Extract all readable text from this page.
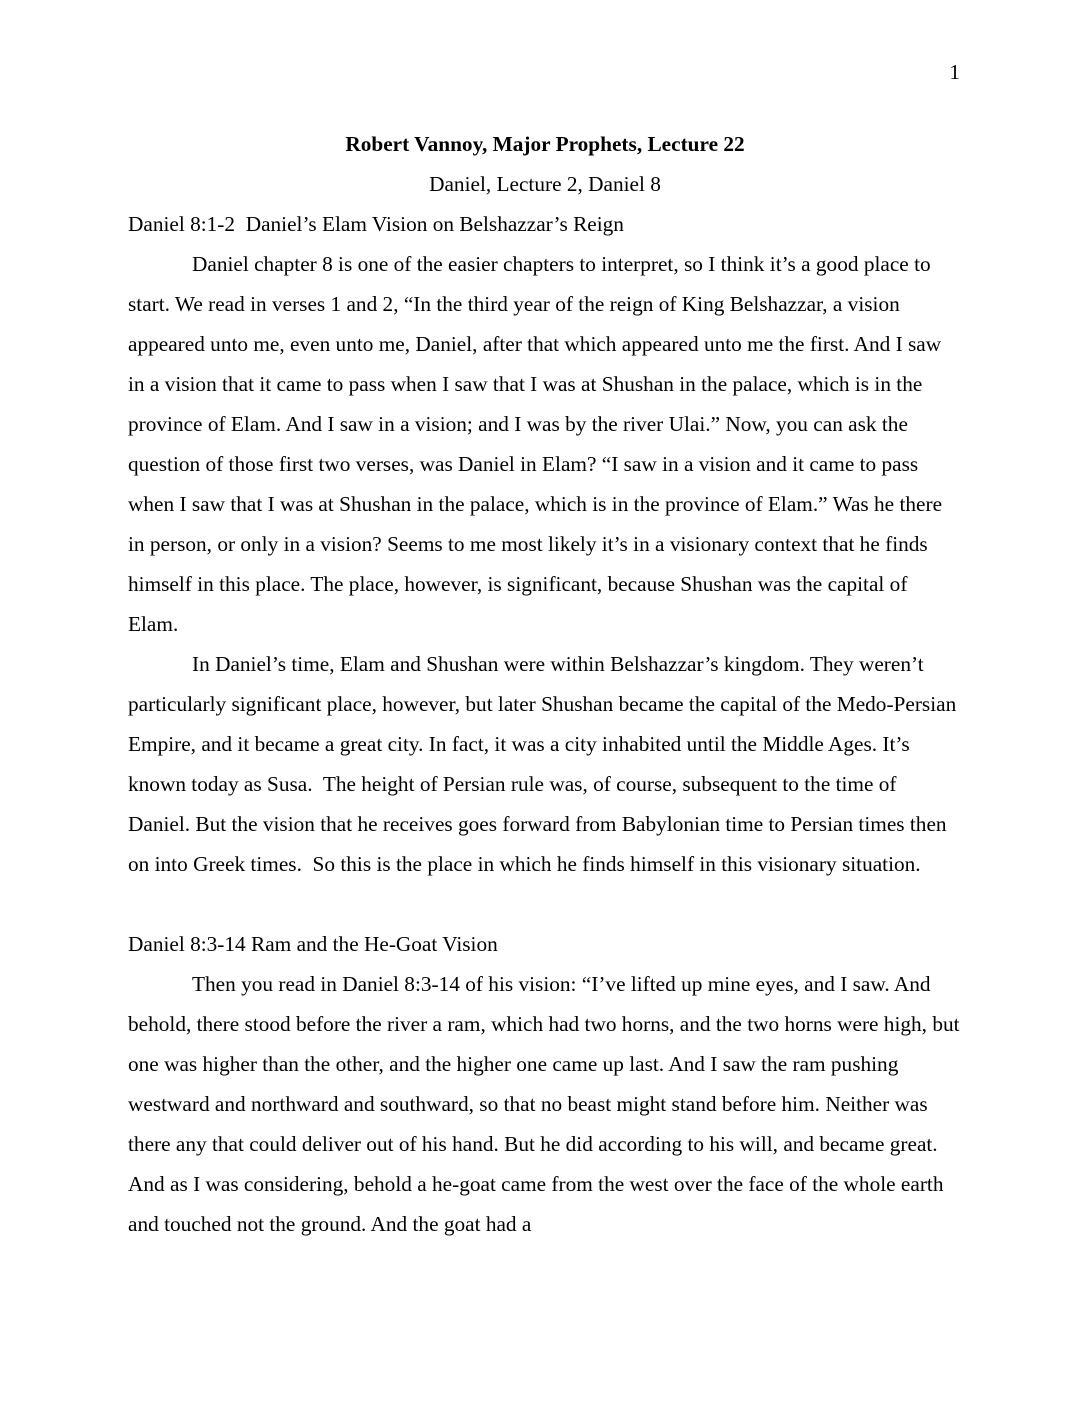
1
Robert Vannoy, Major Prophets, Lecture 22
Daniel, Lecture 2, Daniel 8
Daniel 8:1-2  Daniel’s Elam Vision on Belshazzar’s Reign

Daniel chapter 8 is one of the easier chapters to interpret, so I think it’s a good place to start. We read in verses 1 and 2, “In the third year of the reign of King Belshazzar, a vision appeared unto me, even unto me, Daniel, after that which appeared unto me the first. And I saw in a vision that it came to pass when I saw that I was at Shushan in the palace, which is in the province of Elam. And I saw in a vision; and I was by the river Ulai.” Now, you can ask the question of those first two verses, was Daniel in Elam? “I saw in a vision and it came to pass when I saw that I was at Shushan in the palace, which is in the province of Elam.” Was he there in person, or only in a vision? Seems to me most likely it’s in a visionary context that he finds himself in this place. The place, however, is significant, because Shushan was the capital of Elam.

In Daniel’s time, Elam and Shushan were within Belshazzar’s kingdom. They weren’t particularly significant place, however, but later Shushan became the capital of the Medo-Persian Empire, and it became a great city. In fact, it was a city inhabited until the Middle Ages. It’s known today as Susa.  The height of Persian rule was, of course, subsequent to the time of Daniel. But the vision that he receives goes forward from Babylonian time to Persian times then on into Greek times.  So this is the place in which he finds himself in this visionary situation.

Daniel 8:3-14 Ram and the He-Goat Vision

Then you read in Daniel 8:3-14 of his vision: “I’ve lifted up mine eyes, and I saw. And behold, there stood before the river a ram, which had two horns, and the two horns were high, but one was higher than the other, and the higher one came up last. And I saw the ram pushing westward and northward and southward, so that no beast might stand before him. Neither was there any that could deliver out of his hand. But he did according to his will, and became great. And as I was considering, behold a he-goat came from the west over the face of the whole earth and touched not the ground. And the goat had a
